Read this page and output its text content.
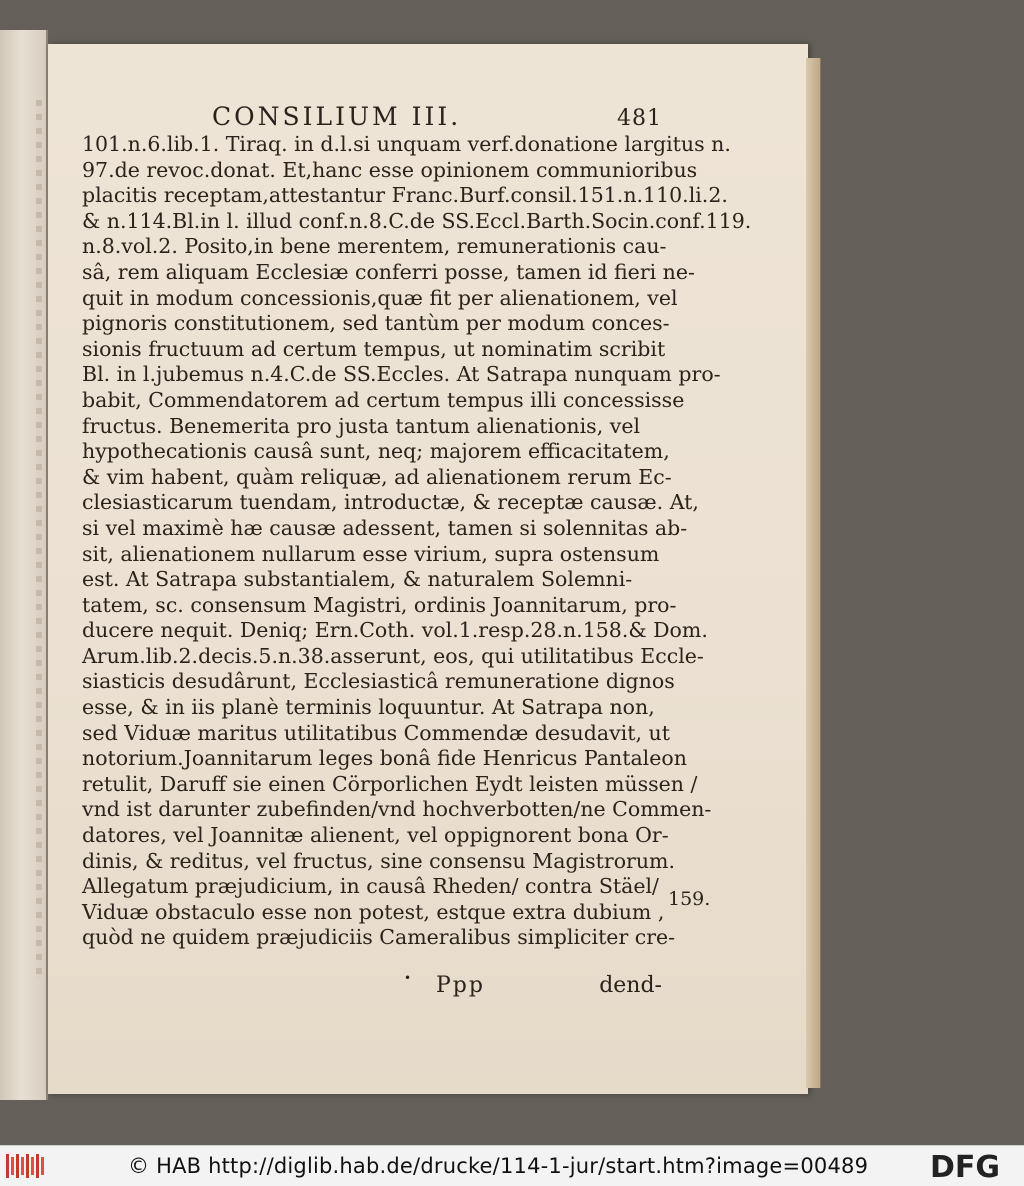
CONSILIUM III.	481
101.n.6.lib.1. Tiraq. in d.l.si unquam verf.donatione largitus n.
97.de revoc.donat. Et,hanc esse opinionem communioribus
placitis receptam,attestantur Franc.Burf.consil.151.n.110.li.2.
& n.114.Bl.in l. illud conf.n.8.C.de SS.Eccl.Barth.Socin.conf.119.
n.8.vol.2. Posito,in bene merentem, remunerationis cau-
sâ, rem aliquam Ecclesiæ conferri posse, tamen id fieri ne-
quit in modum concessionis,quæ fit per alienationem, vel
pignoris constitutionem, sed tantùm per modum conces-
sionis fructuum ad certum tempus, ut nominatim scribit
Bl. in l.jubemus n.4.C.de SS.Eccles. At Satrapa nunquam pro-
babit, Commendatorem ad certum tempus illi concessisse
fructus. Benemerita pro justa tantum alienationis, vel
hypothecationis causâ sunt, neq; majorem efficacitatem,
& vim habent, quàm reliquæ, ad alienationem rerum Ec-
clesiasticarum tuendam, introductæ, & receptæ causæ. At,
si vel maximè hæ causæ adessent, tamen si solennitas ab-
sit, alienationem nullarum esse virium, supra ostensum
est. At Satrapa substantialem, & naturalem Solemni-
tatem, sc. consensum Magistri, ordinis Joannitarum, pro-
ducere nequit. Deniq; Ern.Coth. vol.1.resp.28.n.158.& Dom.
Arum.lib.2.decis.5.n.38.asserunt, eos, qui utilitatibus Eccle-
siasticis desudârunt, Ecclesiasticâ remuneratione dignos
esse, & in iis planè terminis loquuntur. At Satrapa non,
sed Viduæ maritus utilitatibus Commendæ desudavit, ut
notorium.Joannitarum leges bonâ fide Henricus Pantaleon
retulit, Daruff sie einen Cörporlichen Eydt leisten müssen /
vnd ist darunter zubefinden/vnd hochverbotten/ne Commen-
datores, vel Joannitæ alienent, vel oppignorent bona Or-
dinis, & reditus, vel fructus, sine consensu Magistrorum.
Allegatum præjudicium, in causâ Rheden/ contra Stäel/
Viduæ obstaculo esse non potest, estque extra dubium ,
quòd ne quidem præjudiciis Cameralibus simpliciter cre-
159.
• Ppp	dend-
© HAB http://diglib.hab.de/drucke/114-1-jur/start.htm?image=00489 DFG
